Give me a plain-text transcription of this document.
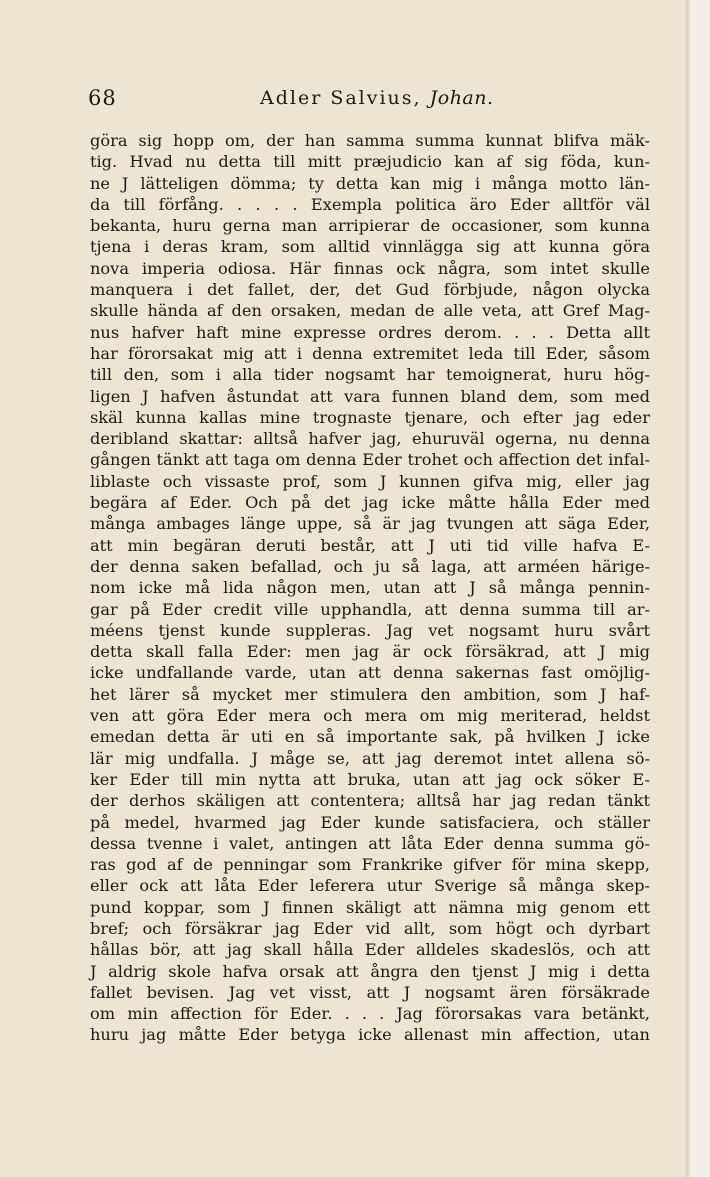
68	Adler Salvius, Johan.
göra sig hopp om, der han samma summa kunnat blifva mäk-
tig. Hvad nu detta till mitt præjudicio kan af sig föda, kun-
ne J lätteligen dömma; ty detta kan mig i många motto län-
da till förfång. . . . . Exempla politica äro Eder alltför väl
bekanta, huru gerna man arripierar de occasioner, som kunna
tjena i deras kram, som alltid vinnlägga sig att kunna göra
nova imperia odiosa. Här finnas ock några, som intet skulle
manquera i det fallet, der, det Gud förbjude, någon olycka
skulle hända af den orsaken, medan de alle veta, att Gref Mag-
nus hafver haft mine expresse ordres derom. . . . Detta allt
har förorsakat mig att i denna extremitet leda till Eder, såsom
till den, som i alla tider nogsamt har temoignerat, huru hög-
ligen J hafven åstundat att vara funnen bland dem, som med
skäl kunna kallas mine trognaste tjenare, och efter jag eder
deribland skattar: alltså hafver jag, ehuruväl ogerna, nu denna
gången tänkt att taga om denna Eder trohet och affection det infal-
liblaste och vissaste prof, som J kunnen gifva mig, eller jag
begära af Eder. Och på det jag icke måtte hålla Eder med
många ambages länge uppe, så är jag tvungen att säga Eder,
att min begäran deruti består, att J uti tid ville hafva E-
der denna saken befallad, och ju så laga, att arméen härige-
nom icke må lida någon men, utan att J så många pennin-
gar på Eder credit ville upphandla, att denna summa till ar-
méens tjenst kunde suppleras. Jag vet nogsamt huru svårt
detta skall falla Eder: men jag är ock försäkrad, att J mig
icke undfallande varde, utan att denna sakernas fast omöjlig-
het lärer så mycket mer stimulera den ambition, som J haf-
ven att göra Eder mera och mera om mig meriterad, heldst
emedan detta är uti en så importante sak, på hvilken J icke
lär mig undfalla. J måge se, att jag deremot intet allena sö-
ker Eder till min nytta att bruka, utan att jag ock söker E-
der derhos skäligen att contentera; alltså har jag redan tänkt
på medel, hvarmed jag Eder kunde satisfaciera, och ställer
dessa tvenne i valet, antingen att låta Eder denna summa gö-
ras god af de penningar som Frankrike gifver för mina skepp,
eller ock att låta Eder leferera utur Sverige så många skep-
pund koppar, som J finnen skäligt att nämna mig genom ett
bref; och försäkrar jag Eder vid allt, som högt och dyrbart
hållas bör, att jag skall hålla Eder alldeles skadeslös, och att
J aldrig skole hafva orsak att ångra den tjenst J mig i detta
fallet bevisen. Jag vet visst, att J nogsamt ären försäkrade
om min affection för Eder. . . . Jag förorsakas vara betänkt,
huru jag måtte Eder betyga icke allenast min affection, utan
